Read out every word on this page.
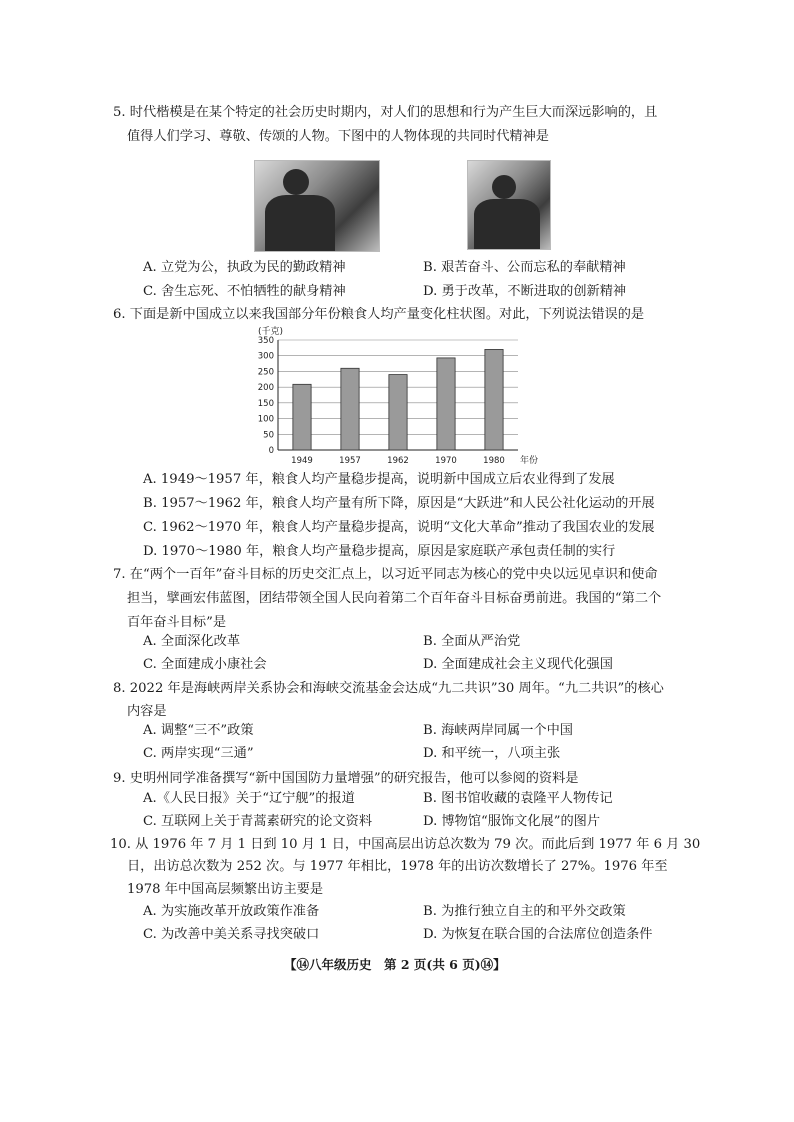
5. 时代楷模是在某个特定的社会历史时期内，对人们的思想和行为产生巨大而深远影响的，且
值得人们学习、尊敬、传颂的人物。下图中的人物体现的共同时代精神是
A. 立党为公，执政为民的勤政精神	B. 艰苦奋斗、公而忘私的奉献精神
C. 舍生忘死、不怕牺牲的献身精神	D. 勇于改革，不断进取的创新精神
6. 下面是新中国成立以来我国部分年份粮食人均产量变化柱状图。对此，下列说法错误的是
(千克)
0
50
100
150
200
250
300
350
1949	1957	1962	1970	1980 年份
A. 1949～1957 年，粮食人均产量稳步提高，说明新中国成立后农业得到了发展
B. 1957～1962 年，粮食人均产量有所下降，原因是“大跃进”和人民公社化运动的开展
C. 1962～1970 年，粮食人均产量稳步提高，说明“文化大革命”推动了我国农业的发展
D. 1970～1980 年，粮食人均产量稳步提高，原因是家庭联产承包责任制的实行
7. 在“两个一百年”奋斗目标的历史交汇点上，以习近平同志为核心的党中央以远见卓识和使命
担当，擘画宏伟蓝图，团结带领全国人民向着第二个百年奋斗目标奋勇前进。我国的“第二个
百年奋斗目标”是
A. 全面深化改革	B. 全面从严治党
C. 全面建成小康社会	D. 全面建成社会主义现代化强国
8. 2022 年是海峡两岸关系协会和海峡交流基金会达成“九二共识”30 周年。“九二共识”的核心
内容是
A. 调整“三不”政策	B. 海峡两岸同属一个中国
C. 两岸实现“三通”	D. 和平统一，八项主张
9. 史明州同学准备撰写“新中国国防力量增强”的研究报告，他可以参阅的资料是
A.《人民日报》关于“辽宁舰”的报道	B. 图书馆收藏的袁隆平人物传记
C. 互联网上关于青蒿素研究的论文资料	D. 博物馆“服饰文化展”的图片
10. 从 1976 年 7 月 1 日到 10 月 1 日，中国高层出访总次数为 79 次。而此后到 1977 年 6 月 30
日，出访总次数为 252 次。与 1977 年相比，1978 年的出访次数增长了 27%。1976 年至
1978 年中国高层频繁出访主要是
A. 为实施改革开放政策作准备	B. 为推行独立自主的和平外交政策
C. 为改善中美关系寻找突破口	D. 为恢复在联合国的合法席位创造条件
【⑭八年级历史　第 2 页(共 6 页)⑭】
